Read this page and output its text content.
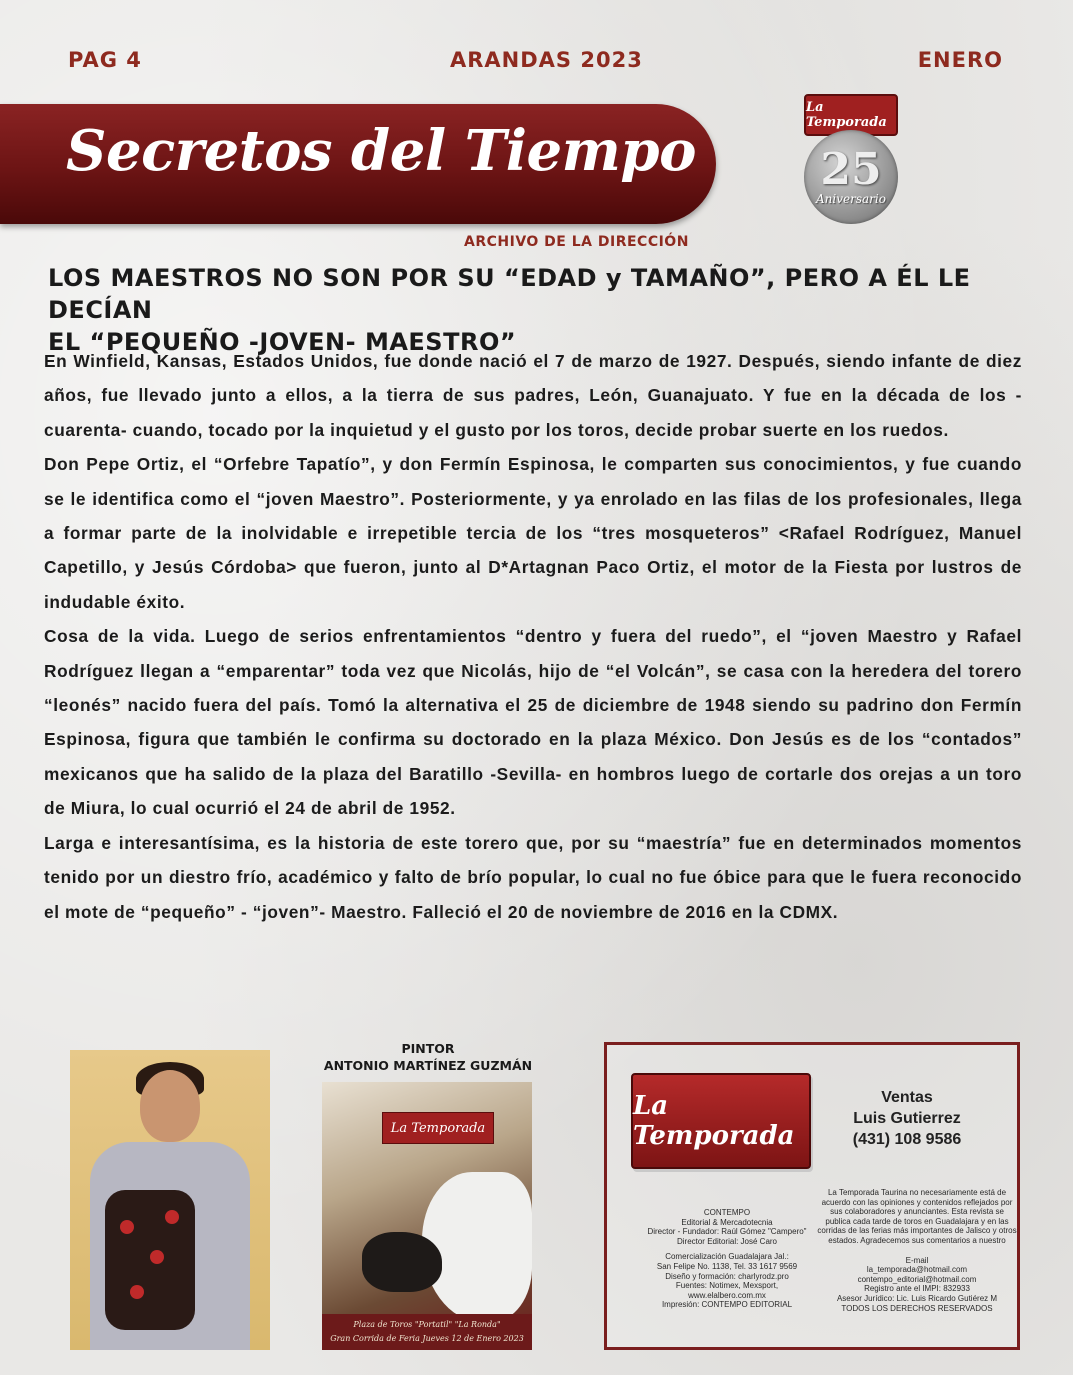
PAG 4	ARANDAS 2023	ENERO
Secretos del Tiempo
La Temporada
25
Aniversario
ARCHIVO DE LA DIRECCIÓN
LOS MAESTROS NO SON POR SU “EDAD y TAMAÑO”, PERO A ÉL LE DECÍAN
EL “PEQUEÑO -JOVEN- MAESTRO”

En Winfield, Kansas, Estados Unidos, fue donde nació el 7 de marzo de 1927. Después, siendo infante de diez años, fue llevado junto a ellos, a la tierra de sus padres, León, Guanajuato. Y fue en la década de los -cuarenta- cuando, tocado por la inquietud y el gusto por los toros, decide probar suerte en los ruedos.

Don Pepe Ortiz, el “Orfebre Tapatío”, y don Fermín Espinosa, le comparten sus conocimientos, y fue cuando se le identifica como el “joven Maestro”. Posteriormente, y ya enrolado en las filas de los profesionales, llega a formar parte de la inolvidable e irrepetible tercia de los “tres mosqueteros” <Rafael Rodríguez, Manuel Capetillo, y Jesús Córdoba> que fueron, junto al D*Artagnan Paco Ortiz, el motor de la Fiesta por lustros de indudable éxito.

Cosa de la vida. Luego de serios enfrentamientos “dentro y fuera del ruedo”, el “joven Maestro y Rafael Rodríguez llegan a “emparentar” toda vez que Nicolás, hijo de “el Volcán”, se casa con la heredera del torero “leonés” nacido fuera del país. Tomó la alternativa el 25 de diciembre de 1948 siendo su padrino don Fermín Espinosa, figura que también le confirma su doctorado en la plaza México. Don Jesús es de los “contados” mexicanos que ha salido de la plaza del Baratillo -Sevilla- en hombros luego de cortarle dos orejas a un toro de Miura, lo cual ocurrió el 24 de abril de 1952.

Larga e interesantísima, es la historia de este torero que, por su “maestría” fue en determinados momentos tenido por un diestro frío, académico y falto de brío popular, lo cual no fue óbice para que le fuera reconocido el mote de “pequeño” - “joven”- Maestro. Falleció el 20 de noviembre de 2016 en la CDMX.

PINTOR
ANTONIO MARTÍNEZ GUZMÁN
La Temporada
Plaza de Toros "Portatil" "La Ronda"
Gran Corrida de Feria Jueves 12 de Enero 2023
La Temporada
Ventas
Luis Gutierrez
(431) 108 9586
CONTEMPO
Editorial & Mercadotecnia
Director - Fundador: Raúl Gómez "Campero"
Director Editorial: José Caro
Comercialización Guadalajara Jal.:
San Felipe No. 1138, Tel. 33 1617 9569
Diseño y formación: charlyrodz.pro
Fuentes: Notimex, Mexsport,
www.elalbero.com.mx
Impresión: CONTEMPO EDITORIAL
La Temporada Taurina no necesariamente está de acuerdo con las opiniones y contenidos reflejados por sus colaboradores y anunciantes. Esta revista se publica cada tarde de toros en Guadalajara y en las corridas de las ferias más importantes de Jalisco y otros estados. Agradecemos sus comentarios a nuestro
E-mail
la_temporada@hotmail.com
contempo_editorial@hotmail.com
Registro ante el IMPI: 832933
Asesor Jurídico: Lic. Luis Ricardo Gutiérez M
TODOS LOS DERECHOS RESERVADOS
